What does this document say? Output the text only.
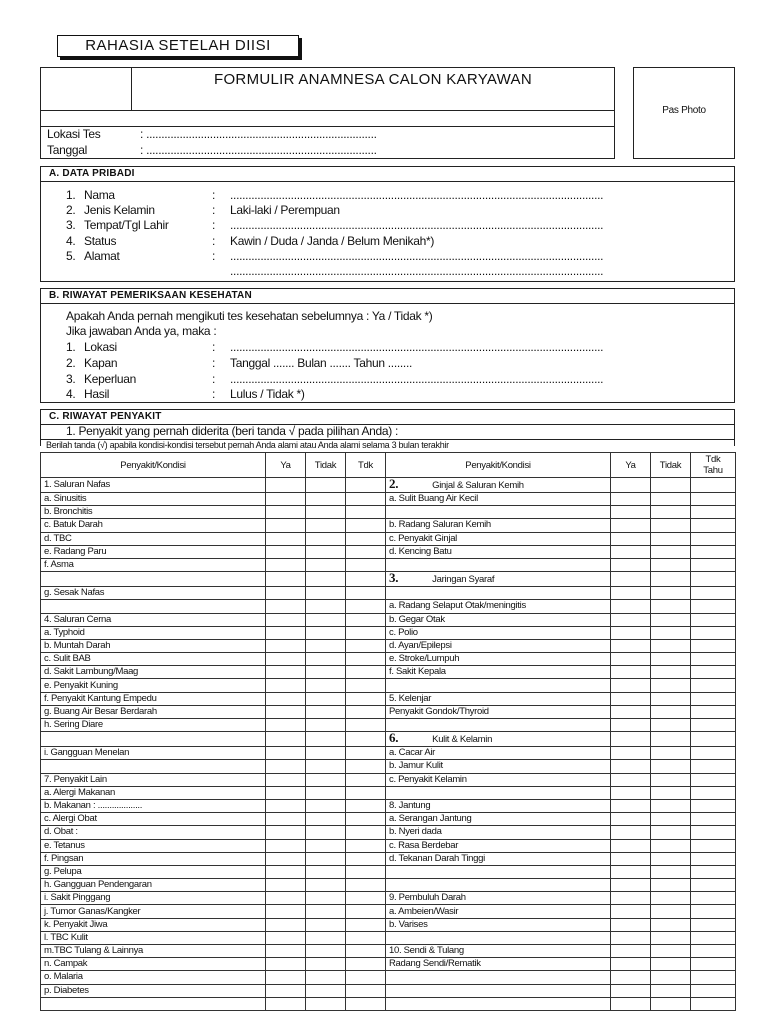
RAHASIA SETELAH DIISI
FORMULIR ANAMNESA CALON KARYAWAN
Lokasi Tes	: ............................................................................
Tanggal	: ............................................................................
Pas Photo
A. DATA PRIBADI
1. Nama	: ...........................................................................................................................
2. Jenis Kelamin	: Laki-laki / Perempuan
3. Tempat/Tgl Lahir	: ...........................................................................................................................
4. Status	: Kawin / Duda / Janda / Belum Menikah*)
5. Alamat	: ...........................................................................................................................
...........................................................................................................................
B. RIWAYAT PEMERIKSAAN KESEHATAN
Apakah Anda pernah mengikuti tes kesehatan sebelumnya : Ya / Tidak *)
Jika jawaban Anda ya, maka :
1. Lokasi	: ...........................................................................................................................
2. Kapan	: Tanggal ....... Bulan ....... Tahun ........
3. Keperluan	: ...........................................................................................................................
4. Hasil	: Lulus / Tidak *)
C. RIWAYAT PENYAKIT
1. Penyakit yang pernah diderita (beri tanda √ pada pilihan Anda) :
Berilah tanda (√) apabila kondisi-kondisi tersebut pernah Anda alami atau Anda alami selama 3 bulan terakhir
Penyakit/Kondisi	Ya	Tidak	Tdk	Penyakit/Kondisi	Ya	Tidak	Tdk
Tahu
1. Saluran Nafas				2. Ginjal & Saluran Kemih			
a. Sinusitis				a. Sulit Buang Air Kecil			
b. Bronchitis							
c. Batuk Darah				b. Radang Saluran Kemih			
d. TBC				c. Penyakit Ginjal			
e. Radang Paru				d. Kencing Batu			
f. Asma							
				3. Jaringan Syaraf			
g. Sesak Nafas							
				a. Radang Selaput Otak/meningitis			
4. Saluran Cerna				b. Gegar Otak			
a. Typhoid				c. Polio			
b. Muntah Darah				d. Ayan/Epilepsi			
c. Sulit BAB				e. Stroke/Lumpuh			
d. Sakit Lambung/Maag				f. Sakit Kepala			
e. Penyakit Kuning							
f. Penyakit Kantung Empedu				5. Kelenjar			
g. Buang Air Besar Berdarah				Penyakit Gondok/Thyroid			
h. Sering Diare							
				6. Kulit & Kelamin			
i. Gangguan Menelan				a. Cacar Air			
				b. Jamur Kulit			
7. Penyakit Lain				c. Penyakit Kelamin			
a. Alergi Makanan							
b. Makanan : ...................				8. Jantung			
c. Alergi Obat				a. Serangan Jantung			
d. Obat :				b. Nyeri dada			
e. Tetanus				c. Rasa Berdebar			
f. Pingsan				d. Tekanan Darah Tinggi			
g. Pelupa							
h. Gangguan Pendengaran							
i. Sakit Pinggang				9. Pembuluh Darah			
j. Tumor Ganas/Kangker				a. Ambeien/Wasir			
k. Penyakit Jiwa				b. Varises			
l. TBC Kulit							
m.TBC Tulang & Lainnya				10. Sendi & Tulang			
n. Campak				Radang Sendi/Rematik			
o. Malaria							
p. Diabetes							
